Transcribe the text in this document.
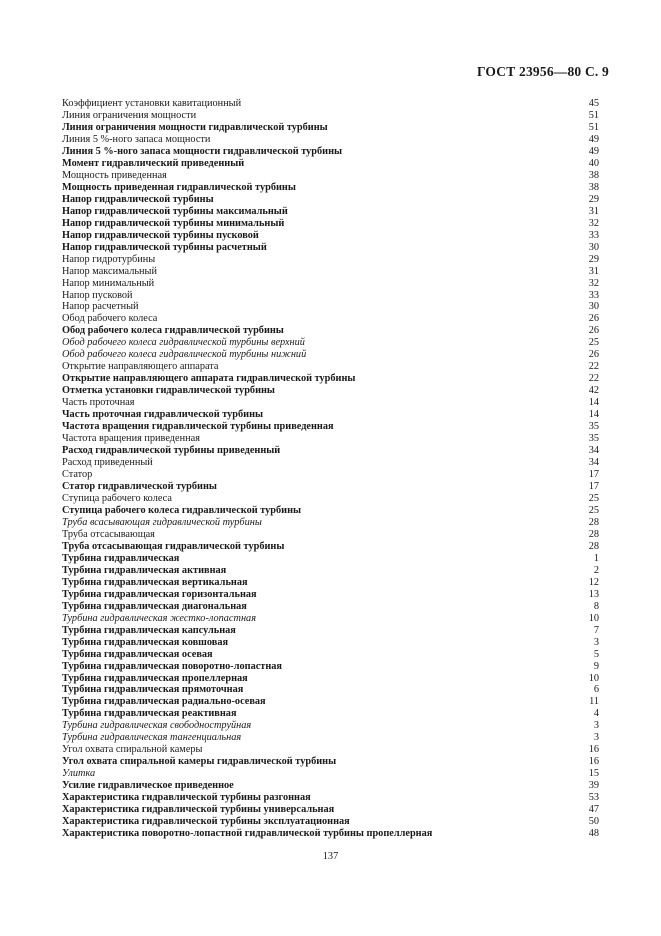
ГОСТ 23956—80 С. 9
Коэффициент установки кавитационный	45
Линия ограничения мощности	51
Линия ограничения мощности гидравлической турбины	51
Линия 5 %-ного запаса мощности	49
Линия 5 %-ного запаса мощности гидравлической турбины	49
Момент гидравлический приведенный	40
Мощность приведенная	38
Мощность приведенная гидравлической турбины	38
Напор гидравлической турбины	29
Напор гидравлической турбины максимальный	31
Напор гидравлической турбины минимальный	32
Напор гидравлической турбины пусковой	33
Напор гидравлической турбины расчетный	30
Напор гидротурбины	29
Напор максимальный	31
Напор минимальный	32
Напор пусковой	33
Напор расчетный	30
Обод рабочего колеса	26
Обод рабочего колеса гидравлической турбины	26
Обод рабочего колеса гидравлической турбины верхний	25
Обод рабочего колеса гидравлической турбины нижний	26
Открытие направляющего аппарата	22
Открытие направляющего аппарата гидравлической турбины	22
Отметка установки гидравлической турбины	42
Часть проточная	14
Часть проточная гидравлической турбины	14
Частота вращения гидравлической турбины приведенная	35
Частота вращения приведенная	35
Расход гидравлической турбины приведенный	34
Расход приведенный	34
Статор	17
Статор гидравлической турбины	17
Ступица рабочего колеса	25
Ступица рабочего колеса гидравлической турбины	25
Труба всасывающая гидравлической турбины	28
Труба отсасывающая	28
Труба отсасывающая гидравлической турбины	28
Турбина гидравлическая	1
Турбина гидравлическая активная	2
Турбина гидравлическая вертикальная	12
Турбина гидравлическая горизонтальная	13
Турбина гидравлическая диагональная	8
Турбина гидравлическая жестко-лопастная	10
Турбина гидравлическая капсульная	7
Турбина гидравлическая ковшовая	3
Турбина гидравлическая осевая	5
Турбина гидравлическая поворотно-лопастная	9
Турбина гидравлическая пропеллерная	10
Турбина гидравлическая прямоточная	6
Турбина гидравлическая радиально-осевая	11
Турбина гидравлическая реактивная	4
Турбина гидравлическая свободноструйная	3
Турбина гидравлическая тангенциальная	3
Угол охвата спиральной камеры	16
Угол охвата спиральной камеры гидравлической турбины	16
Улитка	15
Усилие гидравлическое приведенное	39
Характеристика гидравлической турбины разгонная	53
Характеристика гидравлической турбины универсальная	47
Характеристика гидравлической турбины эксплуатационная	50
Характеристика поворотно-лопастной гидравлической турбины пропеллерная	48
137
